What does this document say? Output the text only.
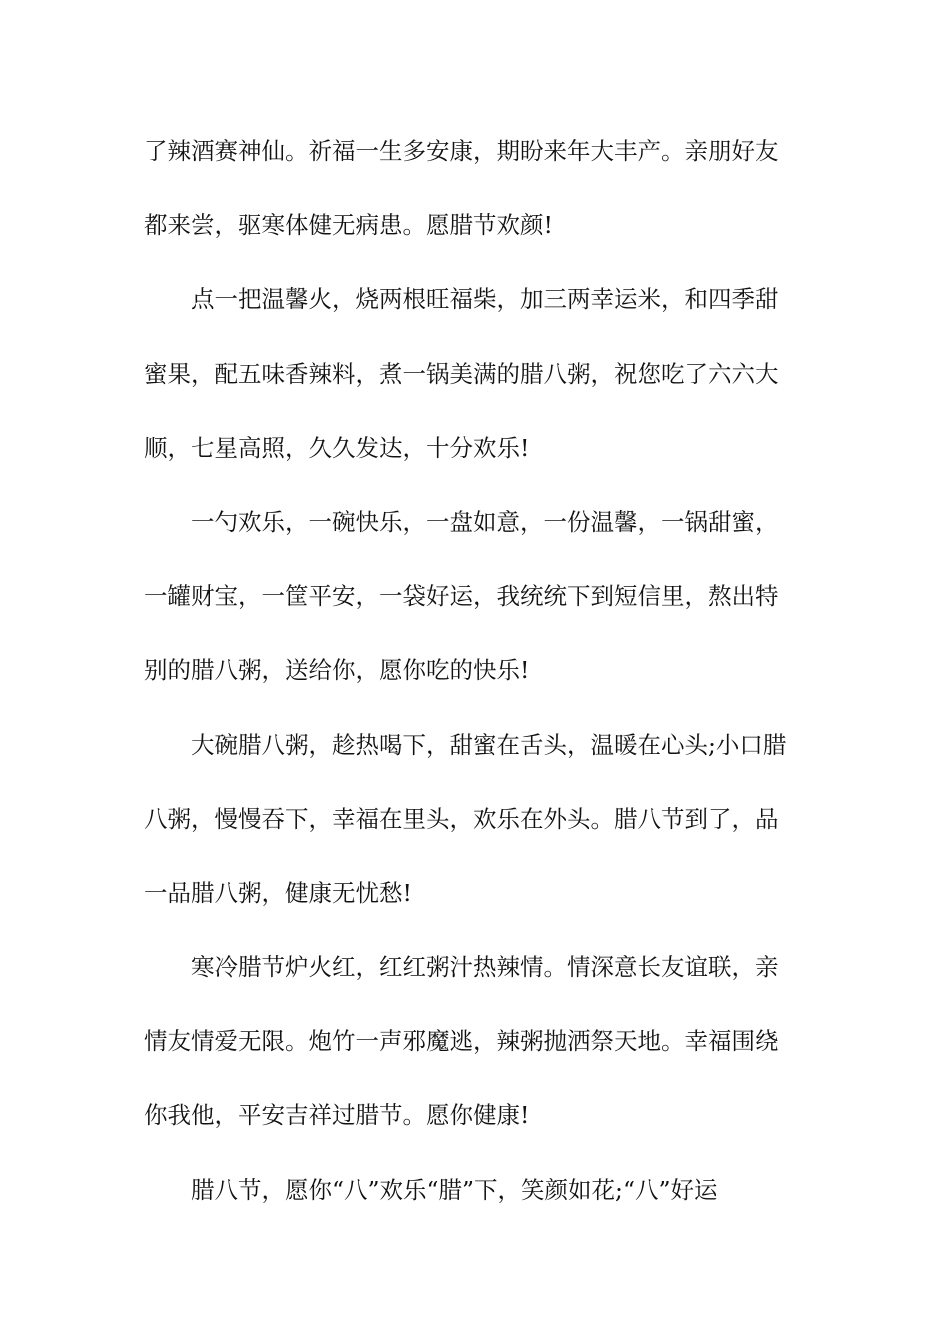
了辣酒赛神仙。祈福一生多安康，期盼来年大丰产。亲朋好友
都来尝，驱寒体健无病患。愿腊节欢颜!
点一把温馨火，烧两根旺福柴，加三两幸运米，和四季甜
蜜果，配五味香辣料，煮一锅美满的腊八粥，祝您吃了六六大
顺，七星高照，久久发达，十分欢乐!
一勺欢乐，一碗快乐，一盘如意，一份温馨，一锅甜蜜，
一罐财宝，一筐平安，一袋好运，我统统下到短信里，熬出特
别的腊八粥，送给你，愿你吃的快乐!
大碗腊八粥，趁热喝下，甜蜜在舌头，温暖在心头;小口腊
八粥，慢慢吞下，幸福在里头，欢乐在外头。腊八节到了，品
一品腊八粥，健康无忧愁!
寒冷腊节炉火红，红红粥汁热辣情。情深意长友谊联，亲
情友情爱无限。炮竹一声邪魔逃，辣粥抛洒祭天地。幸福围绕
你我他，平安吉祥过腊节。愿你健康!
腊八节，愿你“八”欢乐“腊”下，笑颜如花;“八”好运
